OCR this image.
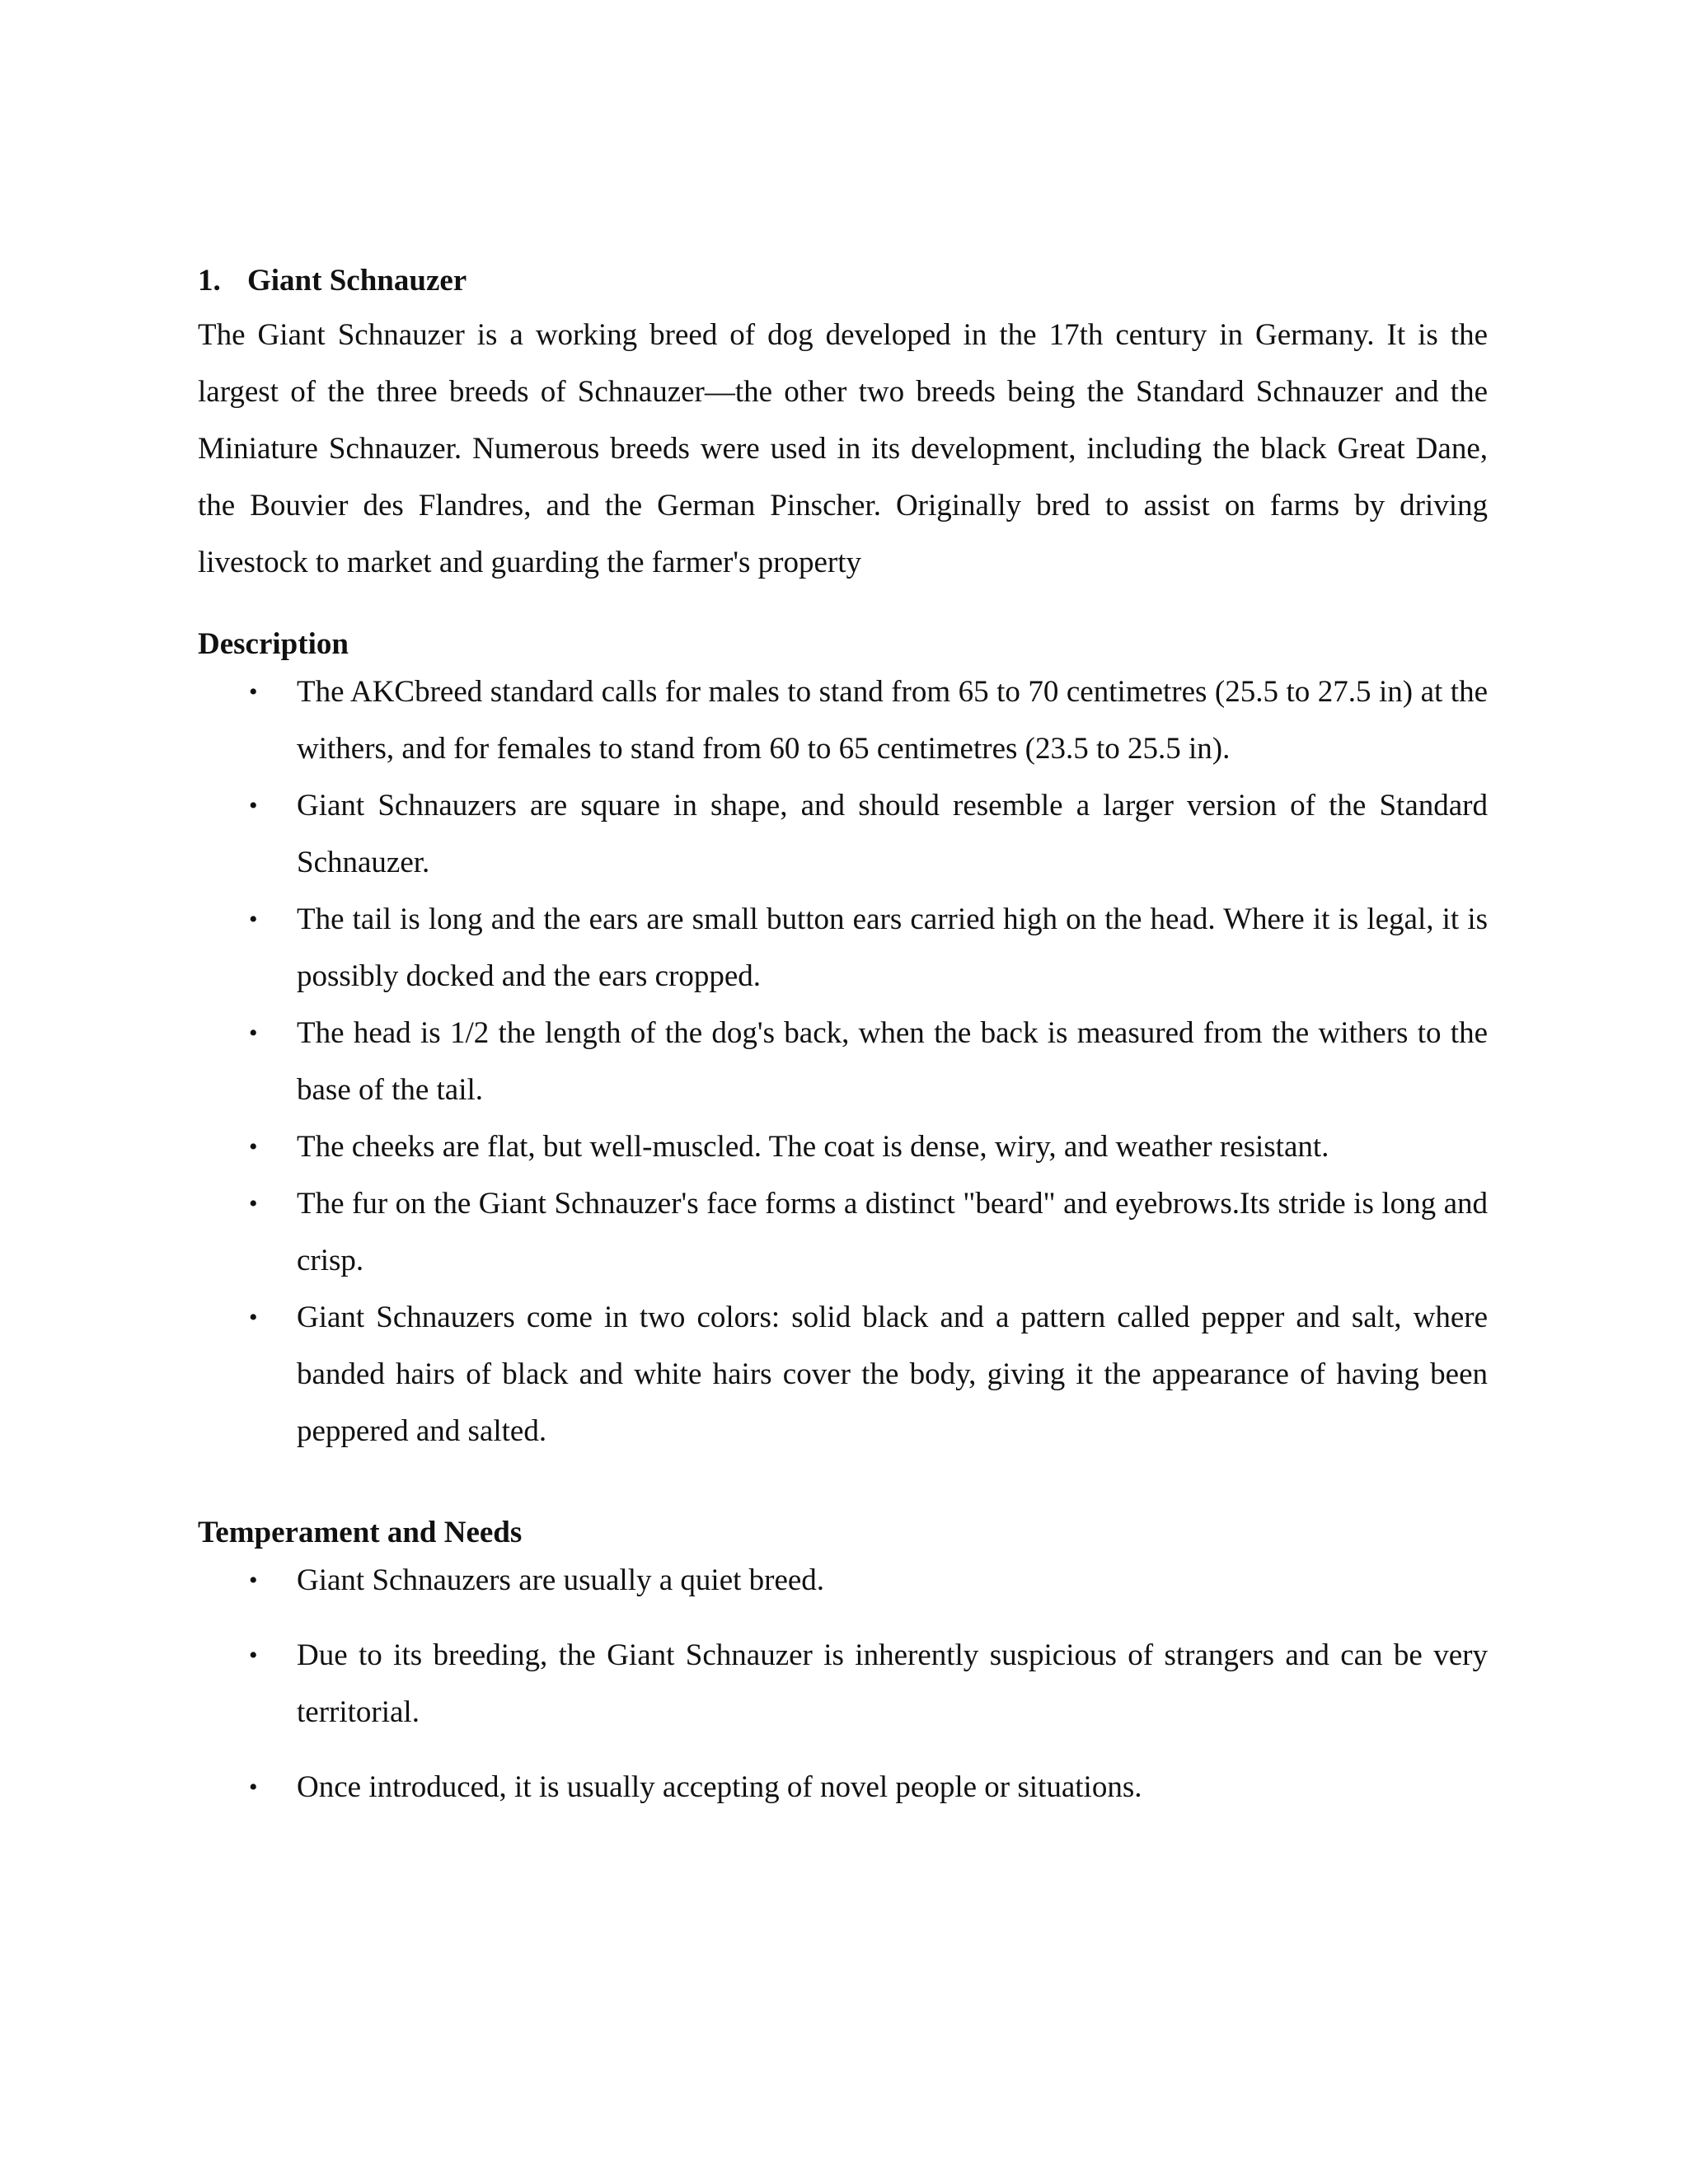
1. Giant Schnauzer

The Giant Schnauzer is a working breed of dog developed in the 17th century in Germany. It is the largest of the three breeds of Schnauzer—the other two breeds being the Standard Schnauzer and the Miniature Schnauzer. Numerous breeds were used in its development, including the black Great Dane, the Bouvier des Flandres, and the German Pinscher. Originally bred to assist on farms by driving livestock to market and guarding the farmer's property

Description
• The AKCbreed standard calls for males to stand from 65 to 70 centimetres (25.5 to 27.5 in) at the withers, and for females to stand from 60 to 65 centimetres (23.5 to 25.5 in).
• Giant Schnauzers are square in shape, and should resemble a larger version of the Standard Schnauzer.
• The tail is long and the ears are small button ears carried high on the head. Where it is legal, it is possibly docked and the ears cropped.
• The head is 1/2 the length of the dog's back, when the back is measured from the withers to the base of the tail.
• The cheeks are flat, but well-muscled. The coat is dense, wiry, and weather resistant.
• The fur on the Giant Schnauzer's face forms a distinct "beard" and eyebrows.Its stride is long and crisp.
• Giant Schnauzers come in two colors: solid black and a pattern called pepper and salt, where banded hairs of black and white hairs cover the body, giving it the appearance of having been peppered and salted.
Temperament and Needs
• Giant Schnauzers are usually a quiet breed.
• Due to its breeding, the Giant Schnauzer is inherently suspicious of strangers and can be very territorial.
• Once introduced, it is usually accepting of novel people or situations.
